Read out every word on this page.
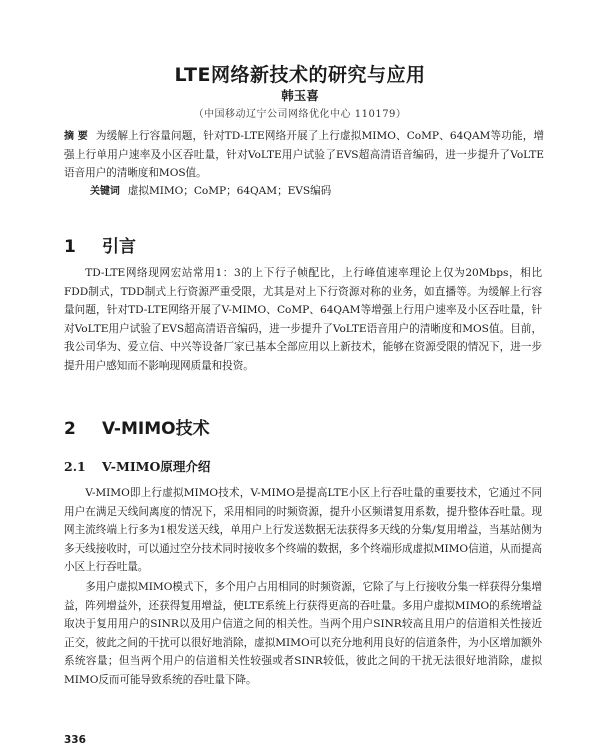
LTE网络新技术的研究与应用
韩玉喜
（中国移动辽宁公司网络优化中心 110179）

摘 要 为缓解上行容量问题，针对TD-LTE网络开展了上行虚拟MIMO、CoMP、64QAM等功能，增强上行单用户速率及小区吞吐量，针对VoLTE用户试验了EVS超高清语音编码，进一步提升了VoLTE语音用户的清晰度和MOS值。

关键词 虚拟MIMO；CoMP；64QAM；EVS编码

1 引言

TD-LTE网络现网宏站常用1：3的上下行子帧配比，上行峰值速率理论上仅为20Mbps，相比FDD制式，TDD制式上行资源严重受限，尤其是对上下行资源对称的业务，如直播等。为缓解上行容量问题，针对TD-LTE网络开展了V-MIMO、CoMP、64QAM等增强上行用户速率及小区吞吐量，针对VoLTE用户试验了EVS超高清语音编码，进一步提升了VoLTE语音用户的清晰度和MOS值。目前，我公司华为、爱立信、中兴等设备厂家已基本全部应用以上新技术，能够在资源受限的情况下，进一步提升用户感知而不影响现网质量和投资。

2 V-MIMO技术
2.1 V-MIMO原理介绍

V-MIMO即上行虚拟MIMO技术，V-MIMO是提高LTE小区上行吞吐量的重要技术，它通过不同用户在满足天线间离度的情况下，采用相同的时频资源，提升小区频谱复用系数，提升整体吞吐量。现网主流终端上行多为1根发送天线，单用户上行发送数据无法获得多天线的分集/复用增益，当基站侧为多天线接收时，可以通过空分技术同时接收多个终端的数据，多个终端形成虚拟MIMO信道，从而提高小区上行吞吐量。

多用户虚拟MIMO模式下，多个用户占用相同的时频资源，它除了与上行接收分集一样获得分集增益，阵列增益外，还获得复用增益，使LTE系统上行获得更高的吞吐量。多用户虚拟MIMO的系统增益取决于复用用户的SINR以及用户信道之间的相关性。当两个用户SINR较高且用户的信道相关性接近正交，彼此之间的干扰可以很好地消除，虚拟MIMO可以充分地利用良好的信道条件，为小区增加额外系统容量；但当两个用户的信道相关性较强或者SINR较低，彼此之间的干扰无法很好地消除，虚拟MIMO反而可能导致系统的吞吐量下降。

336
